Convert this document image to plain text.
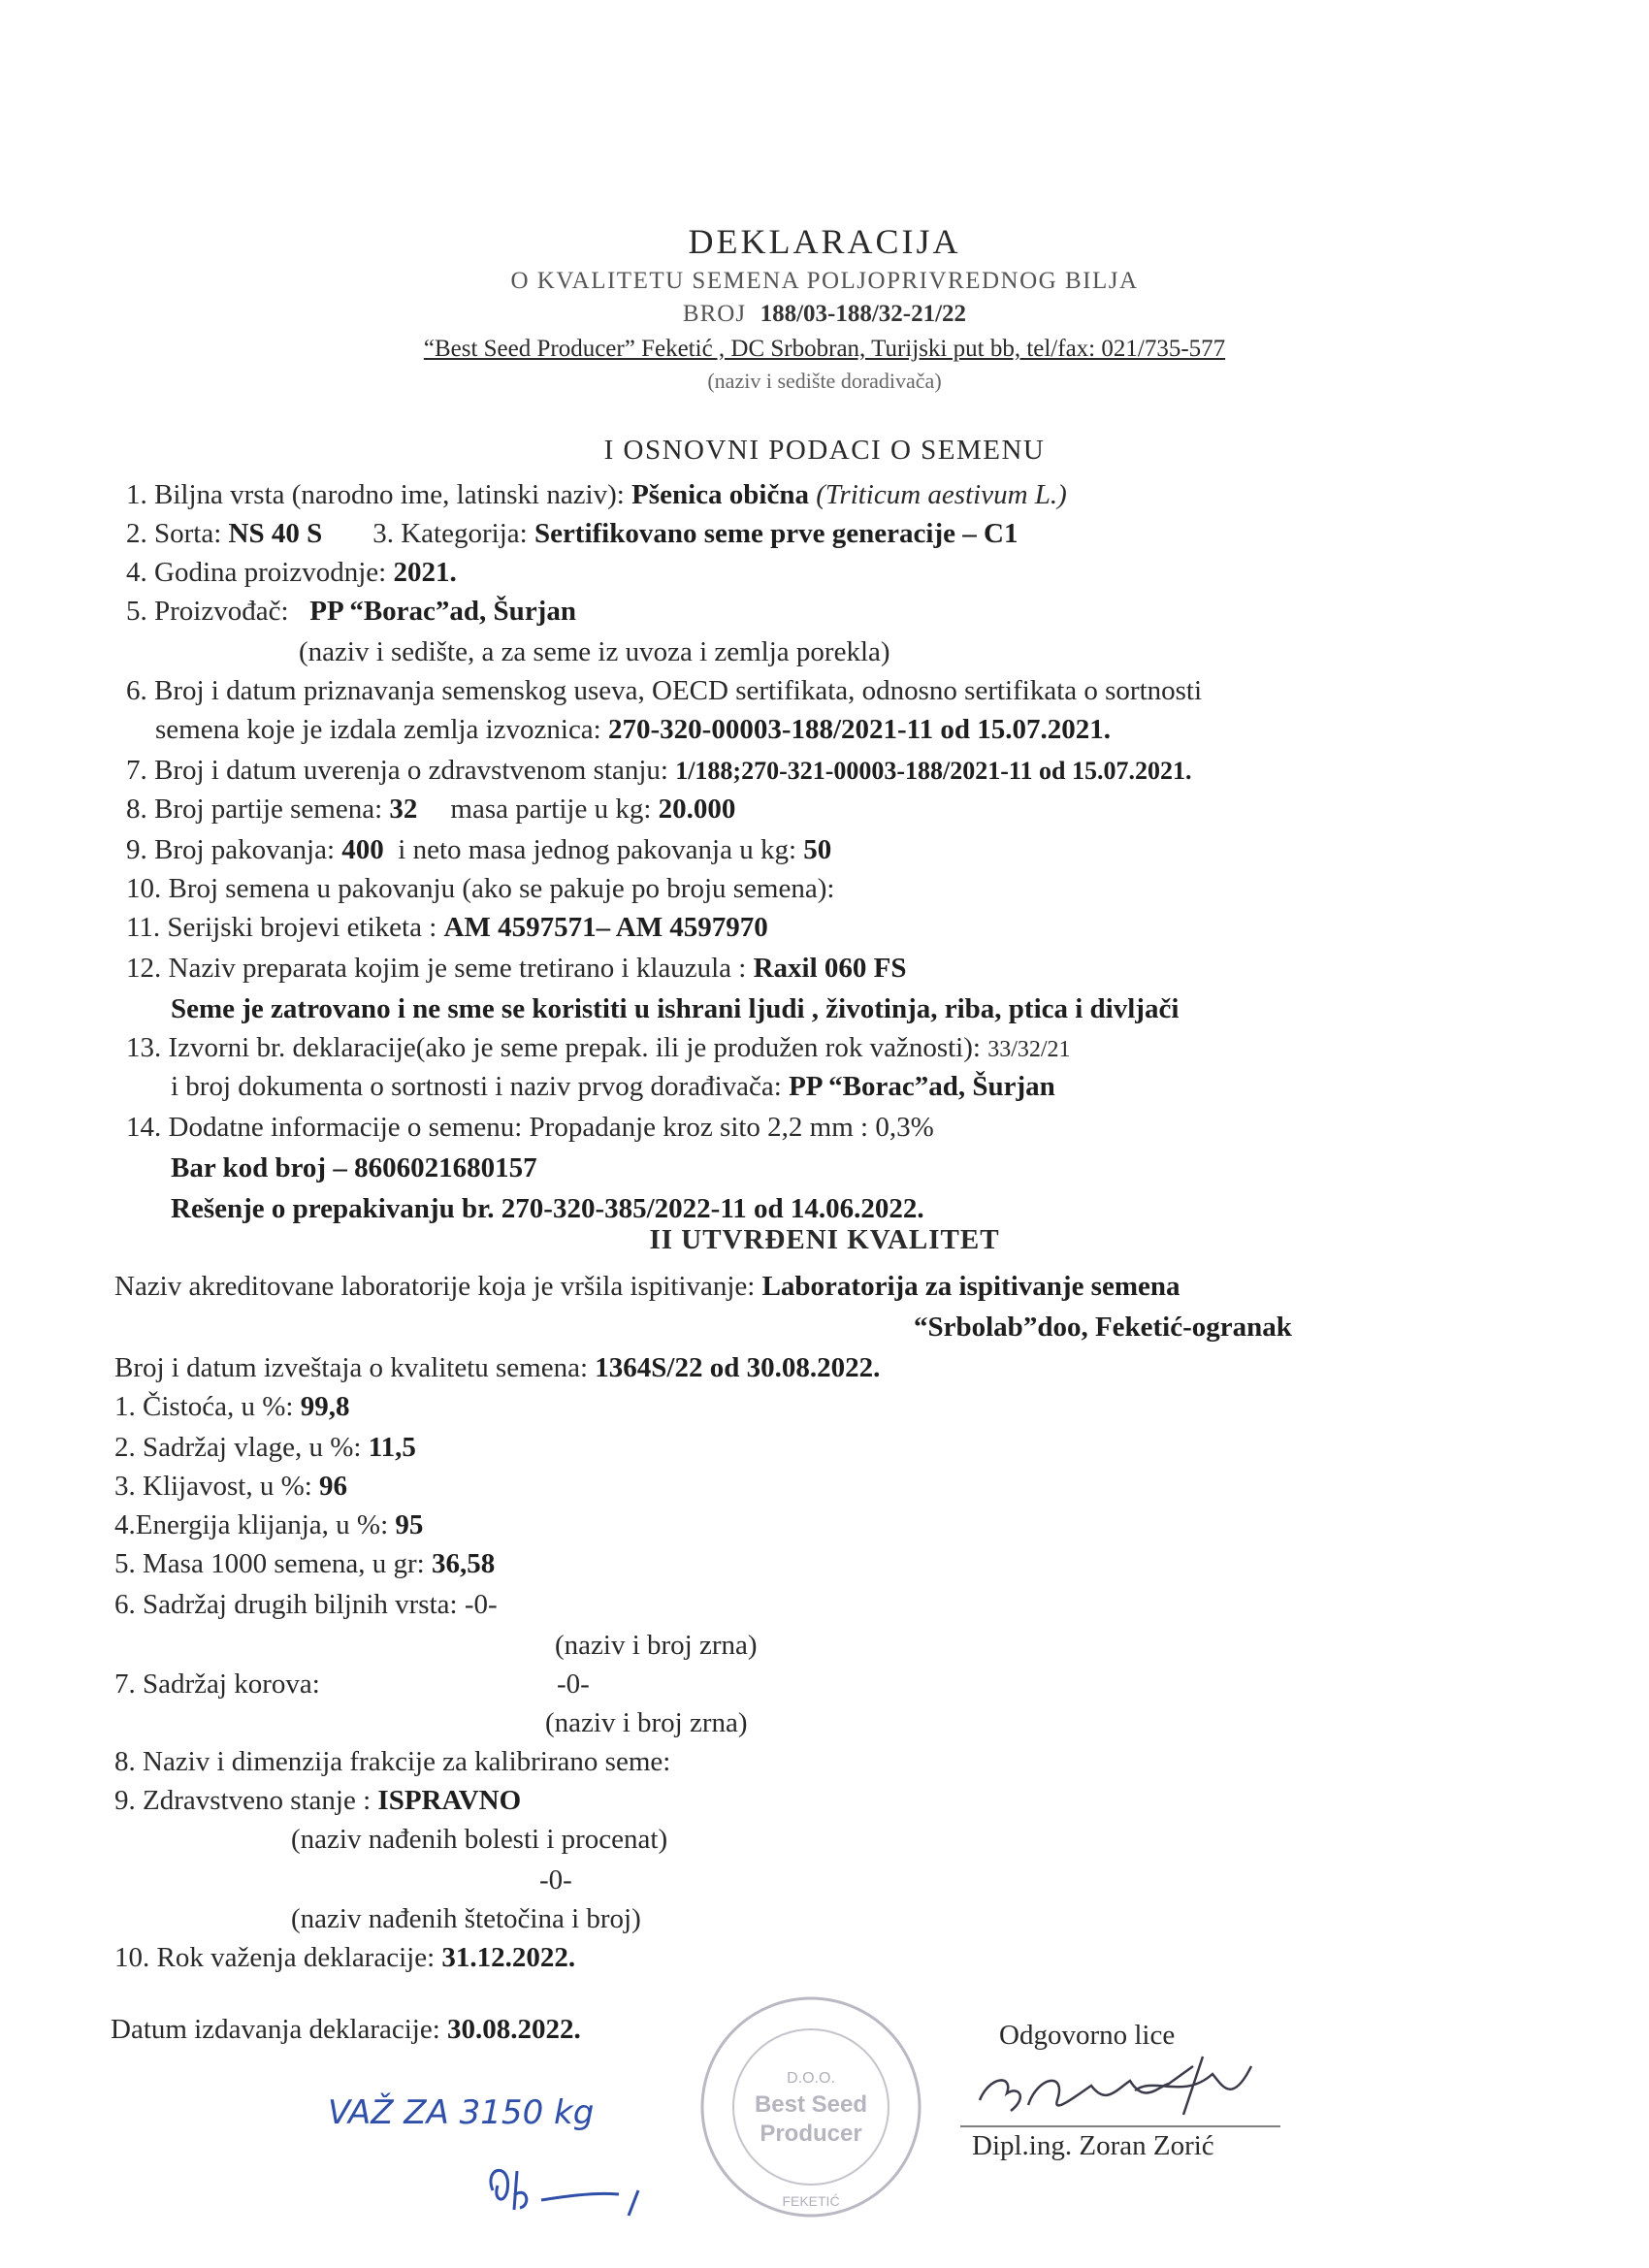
DEKLARACIJA
O KVALITETU SEMENA POLJOPRIVREDNOG BILJA
BROJ 188/03-188/32-21/22
“Best Seed Producer” Feketić , DC Srbobran, Turijski put bb, tel/fax: 021/735-577
(naziv i sedište doradivača)
I OSNOVNI PODACI O SEMENU
1. Biljna vrsta (narodno ime, latinski naziv): Pšenica obična (Triticum aestivum L.)
2. Sorta: NS 40 S 3. Kategorija: Sertifikovano seme prve generacije – C1
4. Godina proizvodnje: 2021.
5. Proizvođač:   PP “Borac”ad, Šurjan
(naziv i sedište, a za seme iz uvoza i zemlja porekla)
6. Broj i datum priznavanja semenskog useva, OECD sertifikata, odnosno sertifikata o sortnosti
semena koje je izdala zemlja izvoznica: 270-320-00003-188/2021-11 od 15.07.2021.
7. Broj i datum uverenja o zdravstvenom stanju: 1/188;270-321-00003-188/2021-11 od 15.07.2021.
8. Broj partije semena: 32 masa partije u kg: 20.000
9. Broj pakovanja: 400 i neto masa jednog pakovanja u kg: 50
10. Broj semena u pakovanju (ako se pakuje po broju semena):
11. Serijski brojevi etiketa : AM 4597571– AM 4597970
12. Naziv preparata kojim je seme tretirano i klauzula : Raxil 060 FS
Seme je zatrovano i ne sme se koristiti u ishrani ljudi , životinja, riba, ptica i divljači
13. Izvorni br. deklaracije(ako je seme prepak. ili je produžen rok važnosti): 33/32/21
i broj dokumenta o sortnosti i naziv prvog dorađivača: PP “Borac”ad, Šurjan
14. Dodatne informacije o semenu: Propadanje kroz sito 2,2 mm : 0,3%
Bar kod broj – 8606021680157
Rešenje o prepakivanju br. 270-320-385/2022-11 od 14.06.2022.
II UTVRĐENI KVALITET
Naziv akreditovane laboratorije koja je vršila ispitivanje: Laboratorija za ispitivanje semena
“Srbolab”doo, Feketić-ogranak
Broj i datum izveštaja o kvalitetu semena: 1364S/22 od 30.08.2022.
1. Čistoća, u %: 99,8
2. Sadržaj vlage, u %: 11,5
3. Klijavost, u %: 96
4.Energija klijanja, u %: 95
5. Masa 1000 semena, u gr: 36,58
6. Sadržaj drugih biljnih vrsta: -0-
(naziv i broj zrna)
7. Sadržaj korova:	-0-
(naziv i broj zrna)
8. Naziv i dimenzija frakcije za kalibrirano seme:
9. Zdravstveno stanje : ISPRAVNO
(naziv nađenih bolesti i procenat)
-0-
(naziv nađenih štetočina i broj)
10. Rok važenja deklaracije: 31.12.2022.
Datum izdavanja deklaracije: 30.08.2022.	Odgovorno lice
D.O.O.
Best Seed
Producer
FEKETIĆ
Dipl.ing. Zoran Zorić
VAŽ ZA 3150 kg
